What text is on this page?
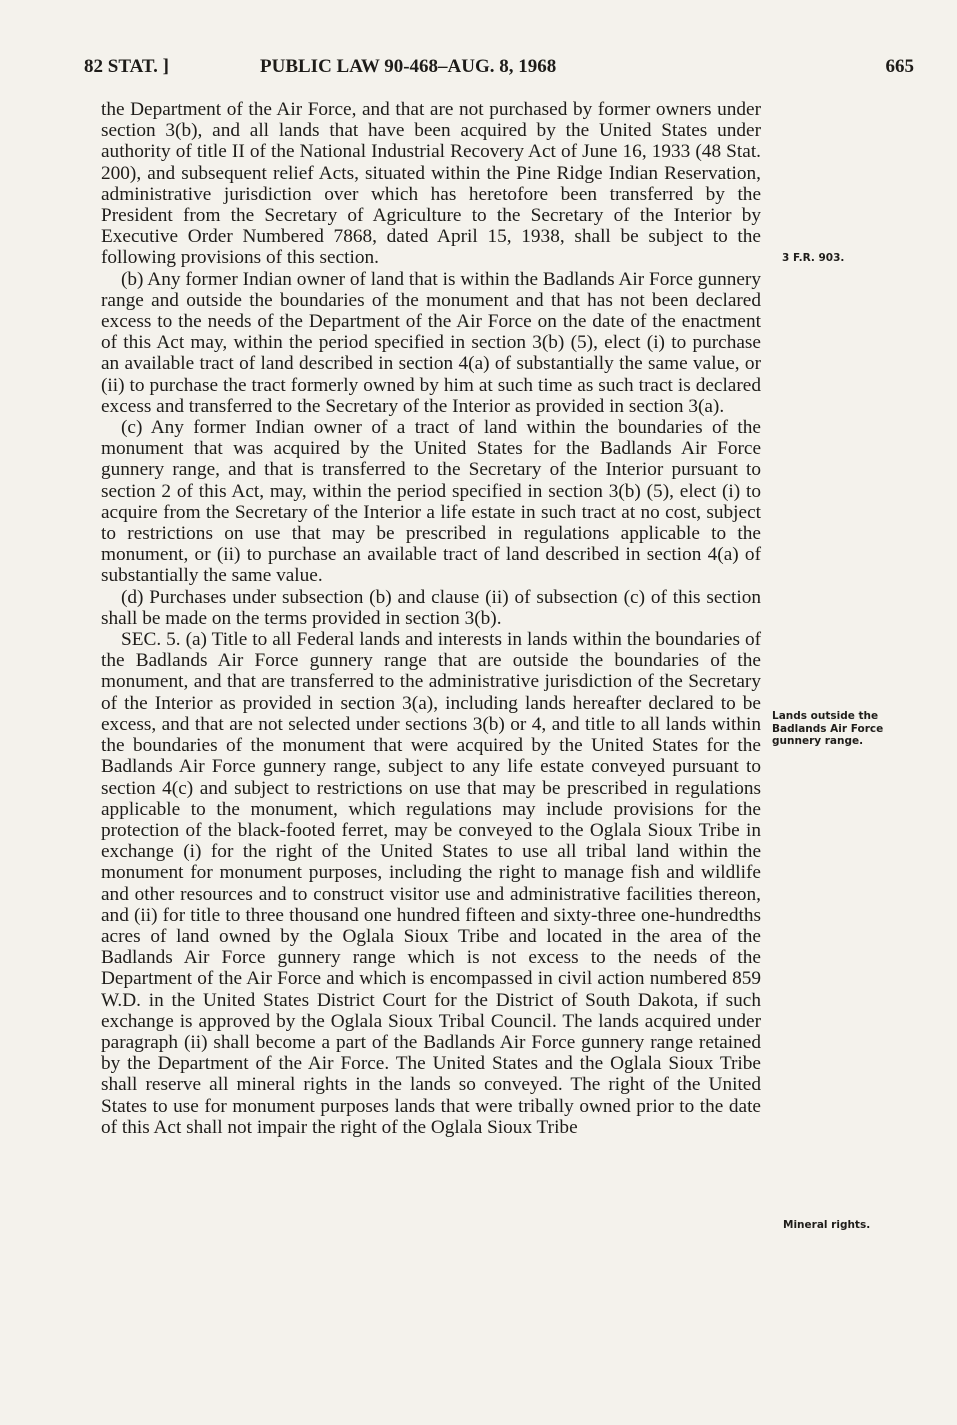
82 STAT. ]	PUBLIC LAW 90-468–AUG. 8, 1968	665

the Department of the Air Force, and that are not purchased by former owners under section 3(b), and all lands that have been acquired by the United States under authority of title II of the National Industrial Recovery Act of June 16, 1933 (48 Stat. 200), and subsequent relief Acts, situated within the Pine Ridge Indian Reservation, administrative jurisdiction over which has heretofore been transferred by the President from the Secretary of Agriculture to the Secretary of the Interior by Executive Order Numbered 7868, dated April 15, 1938, shall be subject to the following provisions of this section.

(b) Any former Indian owner of land that is within the Badlands Air Force gunnery range and outside the boundaries of the monument and that has not been declared excess to the needs of the Department of the Air Force on the date of the enactment of this Act may, within the period specified in section 3(b) (5), elect (i) to purchase an available tract of land described in section 4(a) of substantially the same value, or (ii) to purchase the tract formerly owned by him at such time as such tract is declared excess and transferred to the Secretary of the Interior as provided in section 3(a).

(c) Any former Indian owner of a tract of land within the boundaries of the monument that was acquired by the United States for the Badlands Air Force gunnery range, and that is transferred to the Secretary of the Interior pursuant to section 2 of this Act, may, within the period specified in section 3(b) (5), elect (i) to acquire from the Secretary of the Interior a life estate in such tract at no cost, subject to restrictions on use that may be prescribed in regulations applicable to the monument, or (ii) to purchase an available tract of land described in section 4(a) of substantially the same value.

(d) Purchases under subsection (b) and clause (ii) of subsection (c) of this section shall be made on the terms provided in section 3(b).

SEC. 5. (a) Title to all Federal lands and interests in lands within the boundaries of the Badlands Air Force gunnery range that are outside the boundaries of the monument, and that are transferred to the administrative jurisdiction of the Secretary of the Interior as provided in section 3(a), including lands hereafter declared to be excess, and that are not selected under sections 3(b) or 4, and title to all lands within the boundaries of the monument that were acquired by the United States for the Badlands Air Force gunnery range, subject to any life estate conveyed pursuant to section 4(c) and subject to restrictions on use that may be prescribed in regulations applicable to the monument, which regulations may include provisions for the protection of the black-footed ferret, may be conveyed to the Oglala Sioux Tribe in exchange (i) for the right of the United States to use all tribal land within the monument for monument purposes, including the right to manage fish and wildlife and other resources and to construct visitor use and administrative facilities thereon, and (ii) for title to three thousand one hundred fifteen and sixty-three one-hundredths acres of land owned by the Oglala Sioux Tribe and located in the area of the Badlands Air Force gunnery range which is not excess to the needs of the Department of the Air Force and which is encompassed in civil action numbered 859 W.D. in the United States District Court for the District of South Dakota, if such exchange is approved by the Oglala Sioux Tribal Council. The lands acquired under paragraph (ii) shall become a part of the Badlands Air Force gunnery range retained by the Department of the Air Force. The United States and the Oglala Sioux Tribe shall reserve all mineral rights in the lands so conveyed. The right of the United States to use for monument purposes lands that were tribally owned prior to the date of this Act shall not impair the right of the Oglala Sioux Tribe

3 F.R. 903.
Lands outside the Badlands Air Force gunnery range.
Mineral rights.
